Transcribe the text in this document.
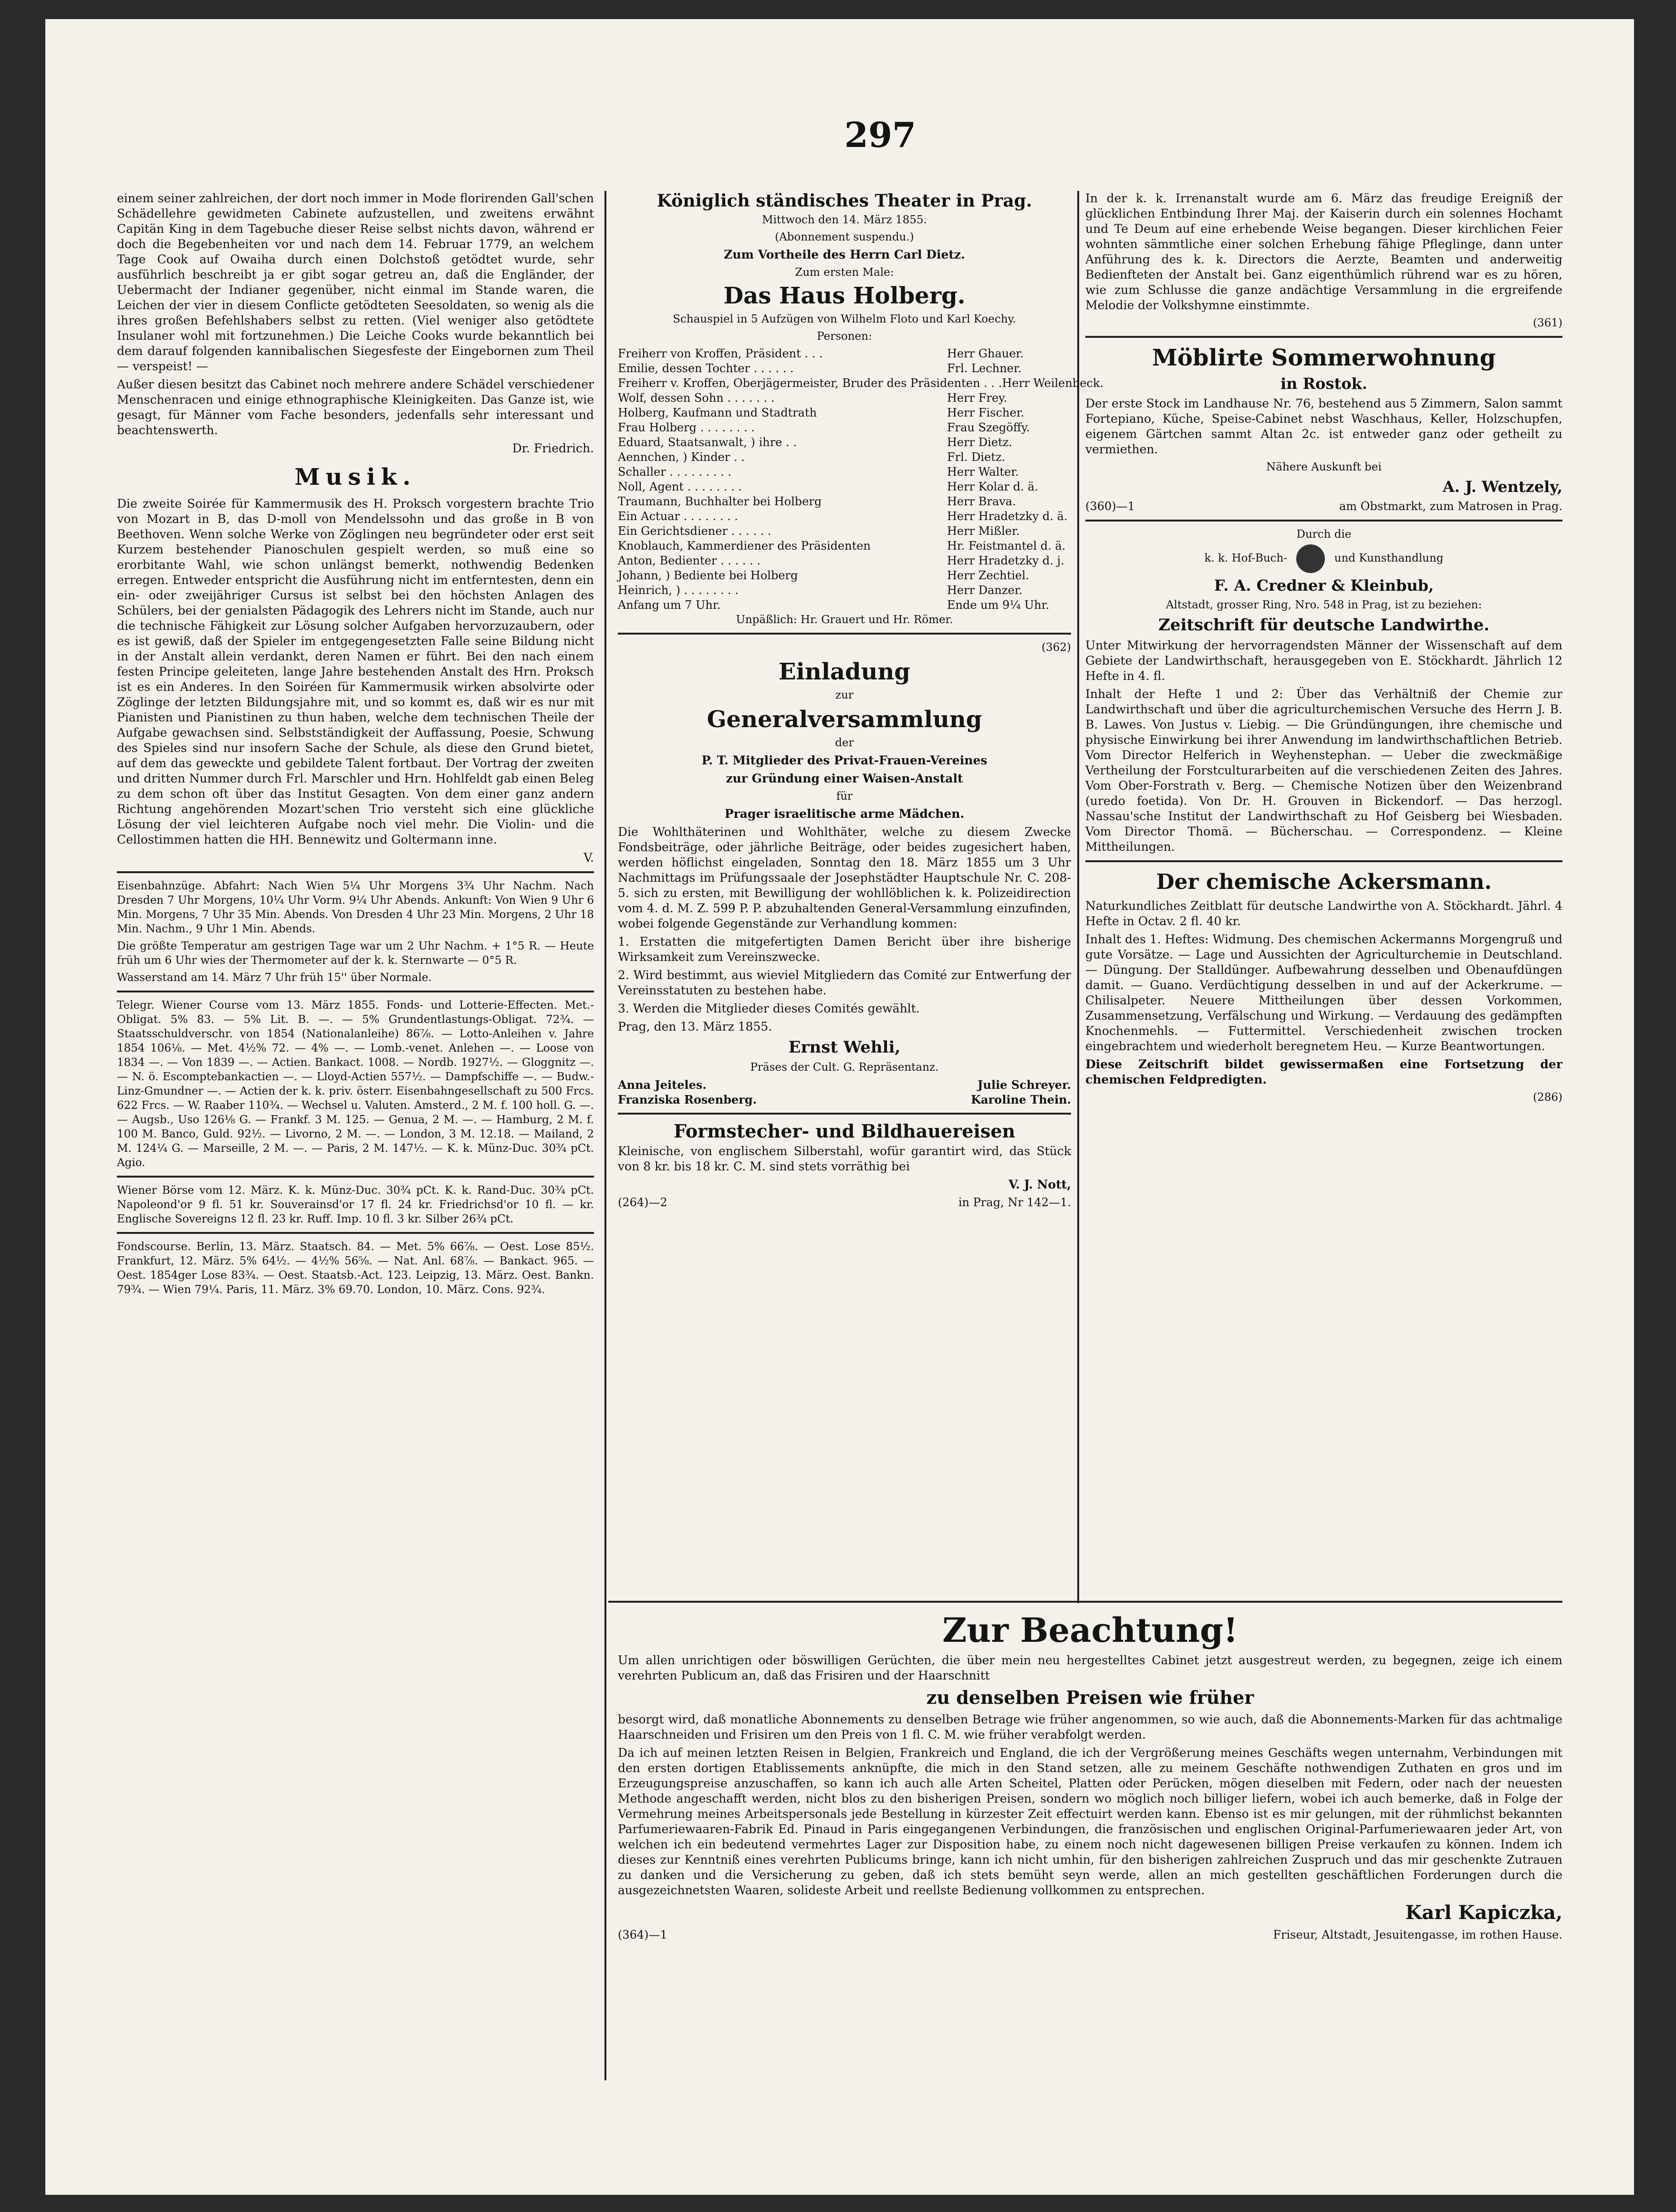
297

einem seiner zahlreichen, der dort noch immer in Mode florirenden Gall'schen Schädellehre gewidmeten Cabinete aufzustellen, und zweitens erwähnt Capitän King in dem Tagebuche dieser Reise selbst nichts davon, während er doch die Begebenheiten vor und nach dem 14. Februar 1779, an welchem Tage Cook auf Owaiha durch einen Dolchstoß getödtet wurde, sehr ausführlich beschreibt ja er gibt sogar getreu an, daß die Engländer, der Uebermacht der Indianer gegenüber, nicht einmal im Stande waren, die Leichen der vier in diesem Conflicte getödteten Seesoldaten, so wenig als die ihres großen Befehlshabers selbst zu retten. (Viel weniger also getödtete Insulaner wohl mit fortzunehmen.) Die Leiche Cooks wurde bekanntlich bei dem darauf folgenden kannibalischen Siegesfeste der Eingebornen zum Theil — verspeist! —

Außer diesen besitzt das Cabinet noch mehrere andere Schädel verschiedener Menschenracen und einige ethnographische Kleinigkeiten. Das Ganze ist, wie gesagt, für Männer vom Fache besonders, jedenfalls sehr interessant und beachtenswerth.

Dr. Friedrich.

Musik.

Die zweite Soirée für Kammermusik des H. Proksch vorgestern brachte Trio von Mozart in B, das D-moll von Mendelssohn und das große in B von Beethoven. Wenn solche Werke von Zöglingen neu begründeter oder erst seit Kurzem bestehender Pianoschulen gespielt werden, so muß eine so erorbitante Wahl, wie schon unlängst bemerkt, nothwendig Bedenken erregen. Entweder entspricht die Ausführung nicht im entferntesten, denn ein ein- oder zweijähriger Cursus ist selbst bei den höchsten Anlagen des Schülers, bei der genialsten Pädagogik des Lehrers nicht im Stande, auch nur die technische Fähigkeit zur Lösung solcher Aufgaben hervorzuzaubern, oder es ist gewiß, daß der Spieler im entgegengesetzten Falle seine Bildung nicht in der Anstalt allein verdankt, deren Namen er führt. Bei den nach einem festen Principe geleiteten, lange Jahre bestehenden Anstalt des Hrn. Proksch ist es ein Anderes. In den Soiréen für Kammermusik wirken absolvirte oder Zöglinge der letzten Bildungsjahre mit, und so kommt es, daß wir es nur mit Pianisten und Pianistinen zu thun haben, welche dem technischen Theile der Aufgabe gewachsen sind. Selbstständigkeit der Auffassung, Poesie, Schwung des Spieles sind nur insofern Sache der Schule, als diese den Grund bietet, auf dem das geweckte und gebildete Talent fortbaut. Der Vortrag der zweiten und dritten Nummer durch Frl. Marschler und Hrn. Hohlfeldt gab einen Beleg zu dem schon oft über das Institut Gesagten. Von dem einer ganz andern Richtung angehörenden Mozart'schen Trio versteht sich eine glückliche Lösung der viel leichteren Aufgabe noch viel mehr. Die Violin- und die Cellostimmen hatten die HH. Bennewitz und Goltermann inne.

V.

Eisenbahnzüge. Abfahrt: Nach Wien 5¼ Uhr Morgens 3¾ Uhr Nachm. Nach Dresden 7 Uhr Morgens, 10¼ Uhr Vorm. 9¼ Uhr Abends. Ankunft: Von Wien 9 Uhr 6 Min. Morgens, 7 Uhr 35 Min. Abends. Von Dresden 4 Uhr 23 Min. Morgens, 2 Uhr 18 Min. Nachm., 9 Uhr 1 Min. Abends.

Die größte Temperatur am gestrigen Tage war um 2 Uhr Nachm. + 1°5 R. — Heute früh um 6 Uhr wies der Thermometer auf der k. k. Sternwarte — 0°5 R.

Wasserstand am 14. März 7 Uhr früh 15'' über Normale.

Telegr. Wiener Course vom 13. März 1855. Fonds- und Lotterie-Effecten. Met.-Obligat. 5% 83. — 5% Lit. B. —. — 5% Grundentlastungs-Obligat. 72¾. — Staatsschuldverschr. von 1854 (Nationalanleihe) 86⅞. — Lotto-Anleihen v. Jahre 1854 106⅛. — Met. 4½% 72. — 4% —. — Lomb.-venet. Anlehen —. — Loose von 1834 —. — Von 1839 —. — Actien. Bankact. 1008. — Nordb. 1927½. — Gloggnitz —. — N. ö. Escomptebankactien —. — Lloyd-Actien 557½. — Dampfschiffe —. — Budw.-Linz-Gmundner —. — Actien der k. k. priv. österr. Eisenbahngesellschaft zu 500 Frcs. 622 Frcs. — W. Raaber 110¾. — Wechsel u. Valuten. Amsterd., 2 M. f. 100 holl. G. —. — Augsb., Uso 126⅛ G. — Frankf. 3 M. 125. — Genua, 2 M. —. — Hamburg, 2 M. f. 100 M. Banco, Guld. 92½. — Livorno, 2 M. —. — London, 3 M. 12.18. — Mailand, 2 M. 124¼ G. — Marseille, 2 M. —. — Paris, 2 M. 147½. — K. k. Münz-Duc. 30¾ pCt. Agio.

Wiener Börse vom 12. März. K. k. Münz-Duc. 30¾ pCt. K. k. Rand-Duc. 30¾ pCt. Napoleond'or 9 fl. 51 kr. Souverainsd'or 17 fl. 24 kr. Friedrichsd'or 10 fl. — kr. Englische Sovereigns 12 fl. 23 kr. Ruff. Imp. 10 fl. 3 kr. Silber 26¾ pCt.

Fondscourse. Berlin, 13. März. Staatsch. 84. — Met. 5% 66⅞. — Oest. Lose 85½. Frankfurt, 12. März. 5% 64½. — 4½% 56⅝. — Nat. Anl. 68⅞. — Bankact. 965. — Oest. 1854ger Lose 83¾. — Oest. Staatsb.-Act. 123. Leipzig, 13. März. Oest. Bankn. 79¾. — Wien 79¼. Paris, 11. März. 3% 69.70. London, 10. März. Cons. 92¾.

Königlich ständisches Theater in Prag.

Mittwoch den 14. März 1855.

(Abonnement suspendu.)

Zum Vortheile des Herrn Carl Dietz.

Zum ersten Male:

Das Haus Holberg.

Schauspiel in 5 Aufzügen von Wilhelm Floto und Karl Koechy.

Personen:

Freiherr von Kroffen, Präsident . . .	Herr Ghauer.
Emilie, dessen Tochter . . . . . .	Frl. Lechner.
Freiherr v. Kroffen, Oberjägermeister, Bruder des Präsidenten . . . Herr Weilenbeck.
Wolf, dessen Sohn . . . . . . .	Herr Frey.
Holberg, Kaufmann und Stadtrath	Herr Fischer.
Frau Holberg . . . . . . . .	Frau Szegöffy.
Eduard, Staatsanwalt, ) ihre . .	Herr Dietz.
Aennchen, ) Kinder . .	Frl. Dietz.
Schaller . . . . . . . . .	Herr Walter.
Noll, Agent . . . . . . . .	Herr Kolar d. ä.
Traumann, Buchhalter bei Holberg	Herr Brava.
Ein Actuar . . . . . . . .	Herr Hradetzky d. ä.
Ein Gerichtsdiener . . . . . .	Herr Mißler.
Knoblauch, Kammerdiener des Präsidenten	Hr. Feistmantel d. ä.
Anton, Bedienter . . . . . .	Herr Hradetzky d. j.
Johann, ) Bediente bei Holberg	Herr Zechtiel.
Heinrich, ) . . . . . . . .	Herr Danzer.
Anfang um 7 Uhr.	Ende um 9¼ Uhr.

Unpäßlich: Hr. Grauert und Hr. Römer.

(362)

Einladung

zur

Generalversammlung

der

P. T. Mitglieder des Privat-Frauen-Vereines

zur Gründung einer Waisen-Anstalt

für

Prager israelitische arme Mädchen.

Die Wohlthäterinen und Wohlthäter, welche zu diesem Zwecke Fondsbeiträge, oder jährliche Beiträge, oder beides zugesichert haben, werden höflichst eingeladen, Sonntag den 18. März 1855 um 3 Uhr Nachmittags im Prüfungssaale der Josephstädter Hauptschule Nr. C. 208-5. sich zu ersten, mit Bewilligung der wohllöblichen k. k. Polizeidirection vom 4. d. M. Z. 599 P. P. abzuhaltenden General-Versammlung einzufinden, wobei folgende Gegenstände zur Verhandlung kommen:

1. Erstatten die mitgefertigten Damen Bericht über ihre bisherige Wirksamkeit zum Vereinszwecke.

2. Wird bestimmt, aus wieviel Mitgliedern das Comité zur Entwerfung der Vereinsstatuten zu bestehen habe.

3. Werden die Mitglieder dieses Comités gewählt.

Prag, den 13. März 1855.

Ernst Wehli,

Präses der Cult. G. Repräsentanz.

Anna Jeiteles.	Julie Schreyer.
Franziska Rosenberg.	Karoline Thein.
Formstecher- und Bildhauereisen

Kleinische, von englischem Silberstahl, wofür garantirt wird, das Stück von 8 kr. bis 18 kr. C. M. sind stets vorräthig bei

V. J. Nott,

(264)—2	in Prag, Nr 142—1.

In der k. k. Irrenanstalt wurde am 6. März das freudige Ereigniß der glücklichen Entbindung Ihrer Maj. der Kaiserin durch ein solennes Hochamt und Te Deum auf eine erhebende Weise begangen. Dieser kirchlichen Feier wohnten sämmtliche einer solchen Erhebung fähige Pfleglinge, dann unter Anführung des k. k. Directors die Aerzte, Beamten und anderweitig Bedienfteten der Anstalt bei. Ganz eigenthümlich rührend war es zu hören, wie zum Schlusse die ganze andächtige Versammlung in die ergreifende Melodie der Volkshymne einstimmte.

(361)

Möblirte Sommerwohnung

in Rostok.

Der erste Stock im Landhause Nr. 76, bestehend aus 5 Zimmern, Salon sammt Fortepiano, Küche, Speise-Cabinet nebst Waschhaus, Keller, Holzschupfen, eigenem Gärtchen sammt Altan 2c. ist entweder ganz oder getheilt zu vermiethen.

Nähere Auskunft bei

A. J. Wentzely,

(360)—1	am Obstmarkt, zum Matrosen in Prag.

Durch die

k. k. Hof-Buch-	und Kunsthandlung

F. A. Credner & Kleinbub,

Altstadt, grosser Ring, Nro. 548 in Prag, ist zu beziehen:

Zeitschrift für deutsche Landwirthe.

Unter Mitwirkung der hervorragendsten Männer der Wissenschaft auf dem Gebiete der Landwirthschaft, herausgegeben von E. Stöckhardt. Jährlich 12 Hefte in 4. fl.

Inhalt der Hefte 1 und 2: Über das Verhältniß der Chemie zur Landwirthschaft und über die agriculturchemischen Versuche des Herrn J. B. B. Lawes. Von Justus v. Liebig. — Die Gründüngungen, ihre chemische und physische Einwirkung bei ihrer Anwendung im landwirthschaftlichen Betrieb. Vom Director Helferich in Weyhenstephan. — Ueber die zweckmäßige Vertheilung der Forstculturarbeiten auf die verschiedenen Zeiten des Jahres. Vom Ober-Forstrath v. Berg. — Chemische Notizen über den Weizenbrand (uredo foetida). Von Dr. H. Grouven in Bickendorf. — Das herzogl. Nassau'sche Institut der Landwirthschaft zu Hof Geisberg bei Wiesbaden. Vom Director Thomä. — Bücherschau. — Correspondenz. — Kleine Mittheilungen.

Der chemische Ackersmann.

Naturkundliches Zeitblatt für deutsche Landwirthe von A. Stöckhardt. Jährl. 4 Hefte in Octav. 2 fl. 40 kr.

Inhalt des 1. Heftes: Widmung. Des chemischen Ackermanns Morgengruß und gute Vorsätze. — Lage und Aussichten der Agriculturchemie in Deutschland. — Düngung. Der Stalldünger. Aufbewahrung desselben und Obenaufdüngen damit. — Guano. Verdüchtigung desselben in und auf der Ackerkrume. — Chilisalpeter. Neuere Mittheilungen über dessen Vorkommen, Zusammensetzung, Verfälschung und Wirkung. — Verdauung des gedämpften Knochenmehls. — Futtermittel. Verschiedenheit zwischen trocken eingebrachtem und wiederholt beregnetem Heu. — Kurze Beantwortungen.

Diese Zeitschrift bildet gewissermaßen eine Fortsetzung der chemischen Feldpredigten.

(286)

Zur Beachtung!

Um allen unrichtigen oder böswilligen Gerüchten, die über mein neu hergestelltes Cabinet jetzt ausgestreut werden, zu begegnen, zeige ich einem verehrten Publicum an, daß das Frisiren und der Haarschnitt

zu denselben Preisen wie früher

besorgt wird, daß monatliche Abonnements zu denselben Betrage wie früher angenommen, so wie auch, daß die Abonnements-Marken für das achtmalige Haarschneiden und Frisiren um den Preis von 1 fl. C. M. wie früher verabfolgt werden.

Da ich auf meinen letzten Reisen in Belgien, Frankreich und England, die ich der Vergrößerung meines Geschäfts wegen unternahm, Verbindungen mit den ersten dortigen Etablissements anknüpfte, die mich in den Stand setzen, alle zu meinem Geschäfte nothwendigen Zuthaten en gros und im Erzeugungspreise anzuschaffen, so kann ich auch alle Arten Scheitel, Platten oder Perücken, mögen dieselben mit Federn, oder nach der neuesten Methode angeschafft werden, nicht blos zu den bisherigen Preisen, sondern wo möglich noch billiger liefern, wobei ich auch bemerke, daß in Folge der Vermehrung meines Arbeitspersonals jede Bestellung in kürzester Zeit effectuirt werden kann. Ebenso ist es mir gelungen, mit der rühmlichst bekannten Parfumeriewaaren-Fabrik Ed. Pinaud in Paris eingegangenen Verbindungen, die französischen und englischen Original-Parfumeriewaaren jeder Art, von welchen ich ein bedeutend vermehrtes Lager zur Disposition habe, zu einem noch nicht dagewesenen billigen Preise verkaufen zu können. Indem ich dieses zur Kenntniß eines verehrten Publicums bringe, kann ich nicht umhin, für den bisherigen zahlreichen Zuspruch und das mir geschenkte Zutrauen zu danken und die Versicherung zu geben, daß ich stets bemüht seyn werde, allen an mich gestellten geschäftlichen Forderungen durch die ausgezeichnetsten Waaren, solideste Arbeit und reellste Bedienung vollkommen zu entsprechen.

Karl Kapiczka,

(364)—1	Friseur, Altstadt, Jesuitengasse, im rothen Hause.
